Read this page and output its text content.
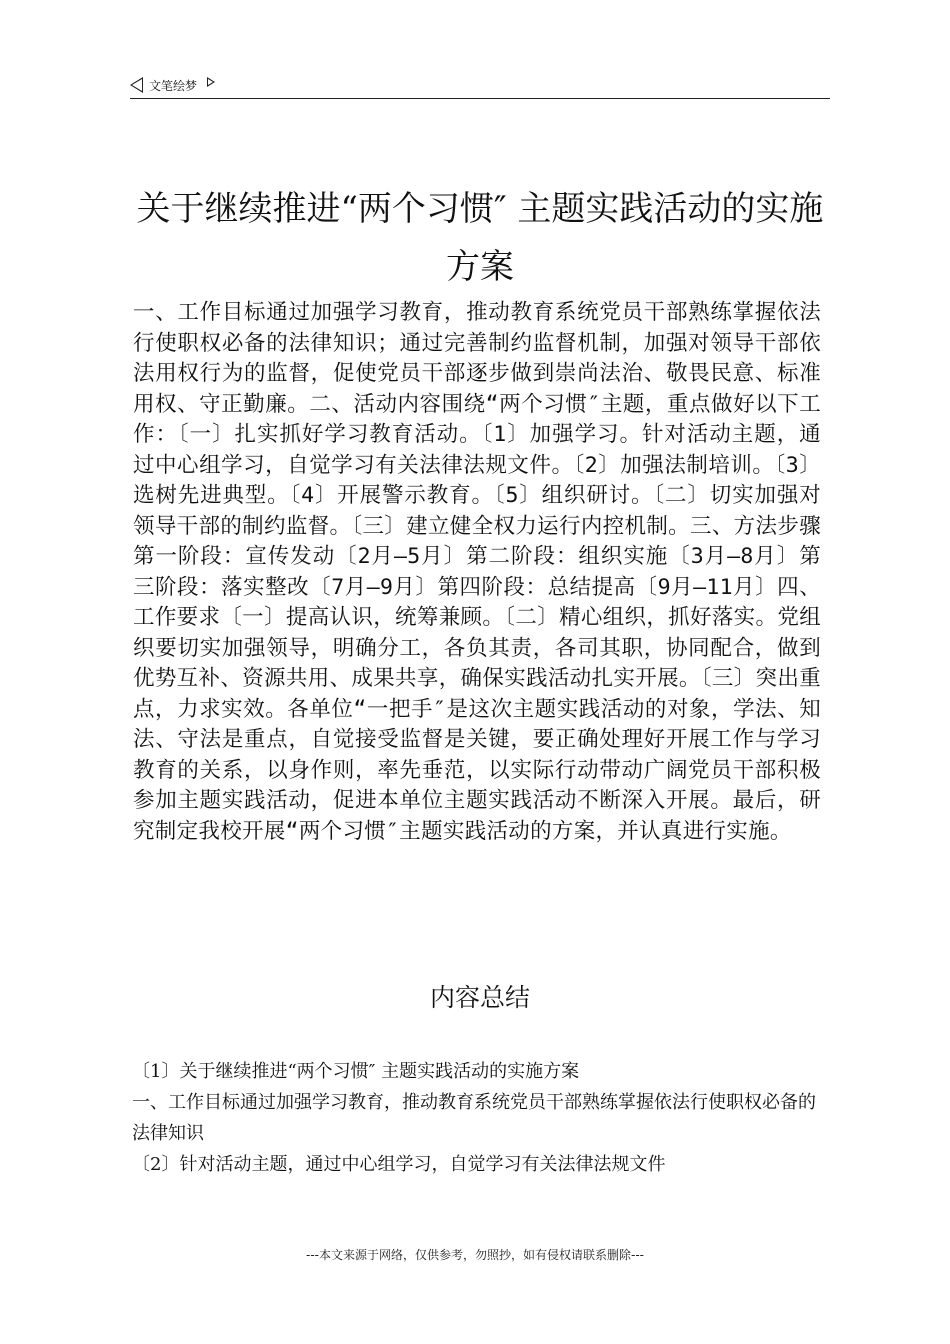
文笔绘梦
关于继续推进“两个习惯″ 主题实践活动的实施方案
一、工作目标通过加强学习教育，推动教育系统党员干部熟练掌握依法行使职权必备的法律知识；通过完善制约监督机制，加强对领导干部依法用权行为的监督，促使党员干部逐步做到崇尚法治、敬畏民意、标准用权、守正勤廉。二、活动内容围绕“两个习惯″主题，重点做好以下工作：〔一〕扎实抓好学习教育活动。〔1〕加强学习。针对活动主题，通过中心组学习，自觉学习有关法律法规文件。〔2〕加强法制培训。〔3〕选树先进典型。〔4〕开展警示教育。〔5〕组织研讨。〔二〕切实加强对领导干部的制约监督。〔三〕建立健全权力运行内控机制。三、方法步骤第一阶段：宣传发动〔2月—5月〕第二阶段：组织实施〔3月—8月〕第三阶段：落实整改〔7月—9月〕第四阶段：总结提高〔9月—11月〕四、工作要求〔一〕提高认识，统筹兼顾。〔二〕精心组织，抓好落实。党组织要切实加强领导，明确分工，各负其责，各司其职，协同配合，做到优势互补、资源共用、成果共享，确保实践活动扎实开展。〔三〕突出重点，力求实效。各单位“一把手″是这次主题实践活动的对象，学法、知法、守法是重点，自觉接受监督是关键，要正确处理好开展工作与学习教育的关系，以身作则，率先垂范，以实际行动带动广阔党员干部积极参加主题实践活动，促进本单位主题实践活动不断深入开展。最后，研究制定我校开展“两个习惯″主题实践活动的方案，并认真进行实施。
内容总结

〔1〕关于继续推进“两个习惯″ 主题实践活动的实施方案

一、工作目标通过加强学习教育，推动教育系统党员干部熟练掌握依法行使职权必备的法律知识

〔2〕针对活动主题，通过中心组学习，自觉学习有关法律法规文件

---本文来源于网络，仅供参考，勿照抄，如有侵权请联系删除---
